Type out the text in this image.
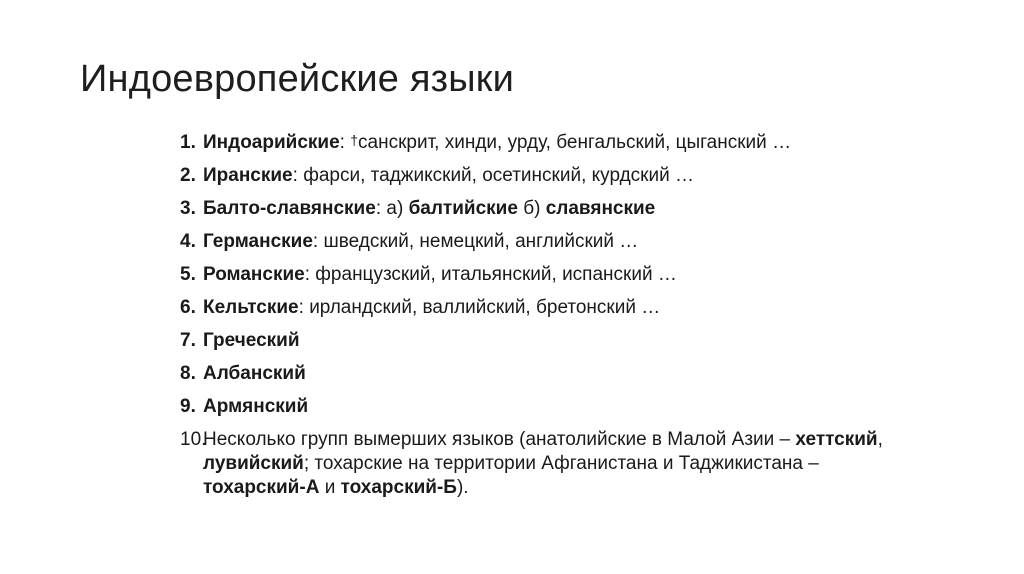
Индоевропейские языки
1. Индоарийские: †санскрит, хинди, урду, бенгальский, цыганский …
2. Иранские: фарси, таджикский, осетинский, курдский …
3. Балто-славянские: а) балтийские б) славянские
4. Германские: шведский, немецкий, английский …
5. Романские: французский, итальянский, испанский …
6. Кельтские: ирландский, валлийский, бретонский …
7. Греческий
8. Албанский
9. Армянский
10.
Несколько групп вымерших языков (анатолийские в Малой Азии – хеттский, лувийский; тохарские на территории Афганистана и Таджикистана – тохарский-А и тохарский-Б).
